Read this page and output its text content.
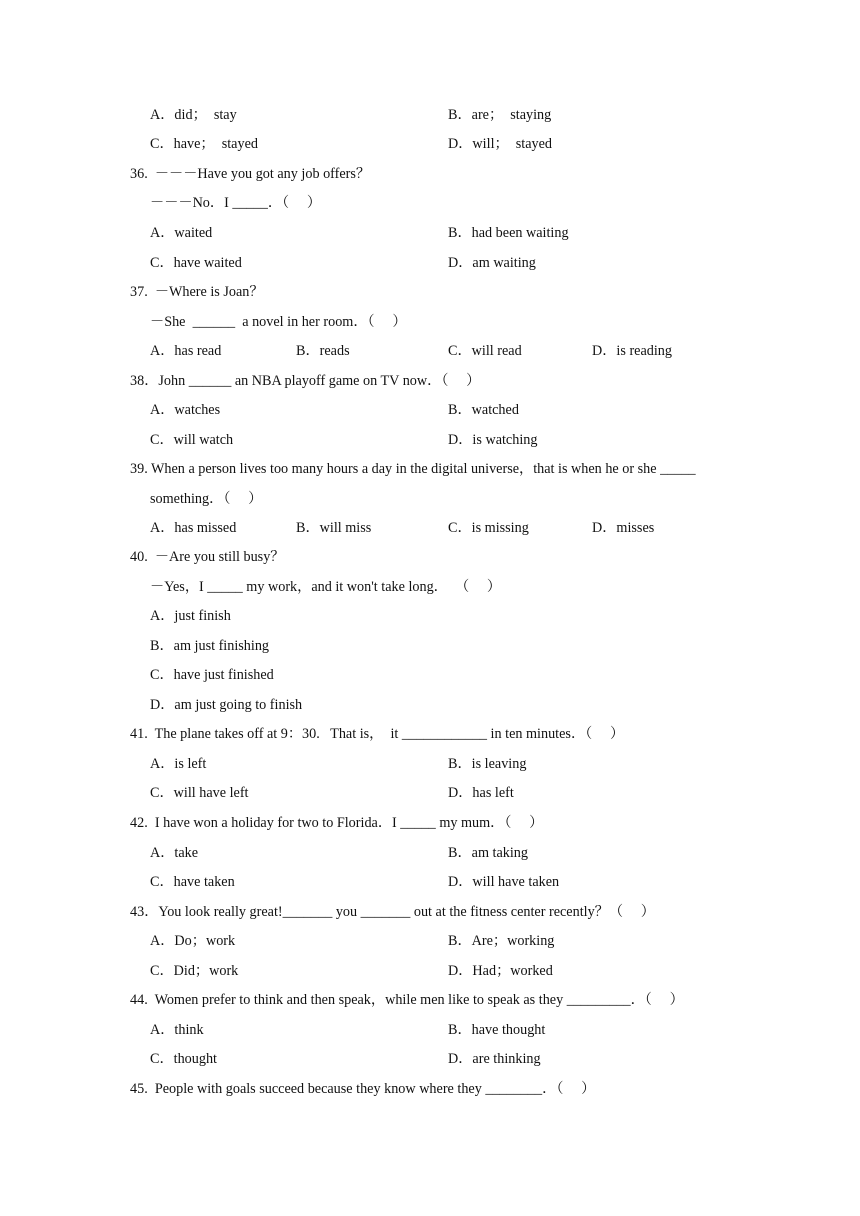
A．did；  stay	B．are；  staying
C．have；  stayed	D．will；  stayed
36.  －－－Have you got any job offers？
－－－No．I _____．（     ）
A．waited	B．had been waiting
C．have waited	D．am waiting
37.  －Where is Joan？
－She  ______  a novel in her room．（     ）
A．has read	B．reads	C．will read	D．is reading
38．John ______ an NBA playoff game on TV now．（     ）
A．watches	B．watched
C．will watch	D．is watching
39. When a person lives too many hours a day in the digital universe，that is when he or she _____
something．（     ）
A．has missed	B．will miss	C．is missing	D．misses
40.  －Are you still busy？
－Yes，I _____ my work，and it won't take long．  （     ）
A．just finish
B．am just finishing
C．have just finished
D．am just going to finish
41.  The plane takes off at 9：30.   That is，  it ____________ in ten minutes．（     ）
A．is left	B．is leaving
C．will have left	D．has left
42.  I have won a holiday for two to Florida．I _____ my mum．（     ）
A．take	B．am taking
C．have taken	D．will have taken
43．You look really great!_______ you _______ out at the fitness center recently？（     ）
A．Do；work	B．Are；working
C．Did；work	D．Had；worked
44.  Women prefer to think and then speak，while men like to speak as they _________．（     ）
A．think	B．have thought
C．thought	D．are thinking
45.  People with goals succeed because they know where they ________．（     ）
